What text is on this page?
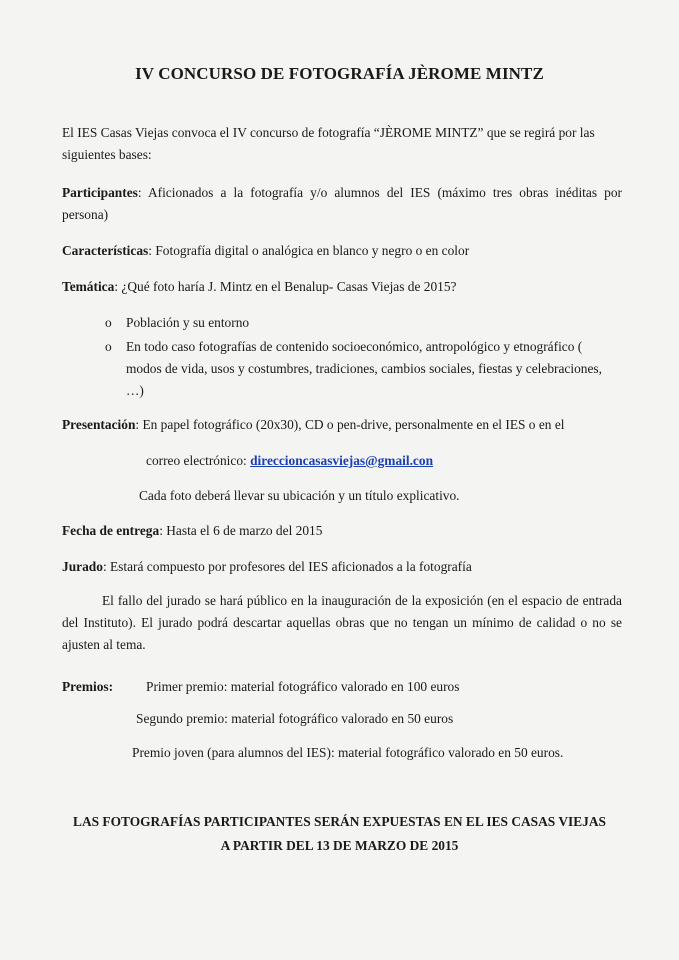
IV CONCURSO DE FOTOGRAFÍA JÈROME MINTZ
El IES Casas Viejas convoca el IV concurso de fotografía “JÈROME MINTZ” que se regirá por las siguientes bases:
Participantes: Aficionados a la fotografía y/o alumnos del IES (máximo tres obras inéditas por persona)
Características: Fotografía digital o analógica en blanco y negro o en color
Temática: ¿Qué foto haría J. Mintz en el Benalup- Casas Viejas de 2015?
o Población y su entorno
o En todo caso fotografías de contenido socioeconómico, antropológico y etnográfico ( modos de vida, usos y costumbres, tradiciones, cambios sociales, fiestas y celebraciones, …)
Presentación: En papel fotográfico (20x30), CD o pen-drive, personalmente en el IES o en el
correo electrónico: direccioncasasviejas@gmail.con
Cada foto deberá llevar su ubicación y un título explicativo.
Fecha de entrega: Hasta el 6 de marzo del 2015
Jurado: Estará compuesto por profesores del IES aficionados a la fotografía
El fallo del jurado se hará público en la inauguración de la exposición (en el espacio de entrada del Instituto). El jurado podrá descartar aquellas obras que no tengan un mínimo de calidad o no se ajusten al tema.
Premios: Primer premio: material fotográfico valorado en 100 euros
Segundo premio: material fotográfico valorado en 50 euros
Premio joven (para alumnos del IES): material fotográfico valorado en 50 euros.
LAS FOTOGRAFÍAS PARTICIPANTES SERÁN EXPUESTAS EN EL IES CASAS VIEJAS
A PARTIR DEL 13 DE MARZO DE 2015
